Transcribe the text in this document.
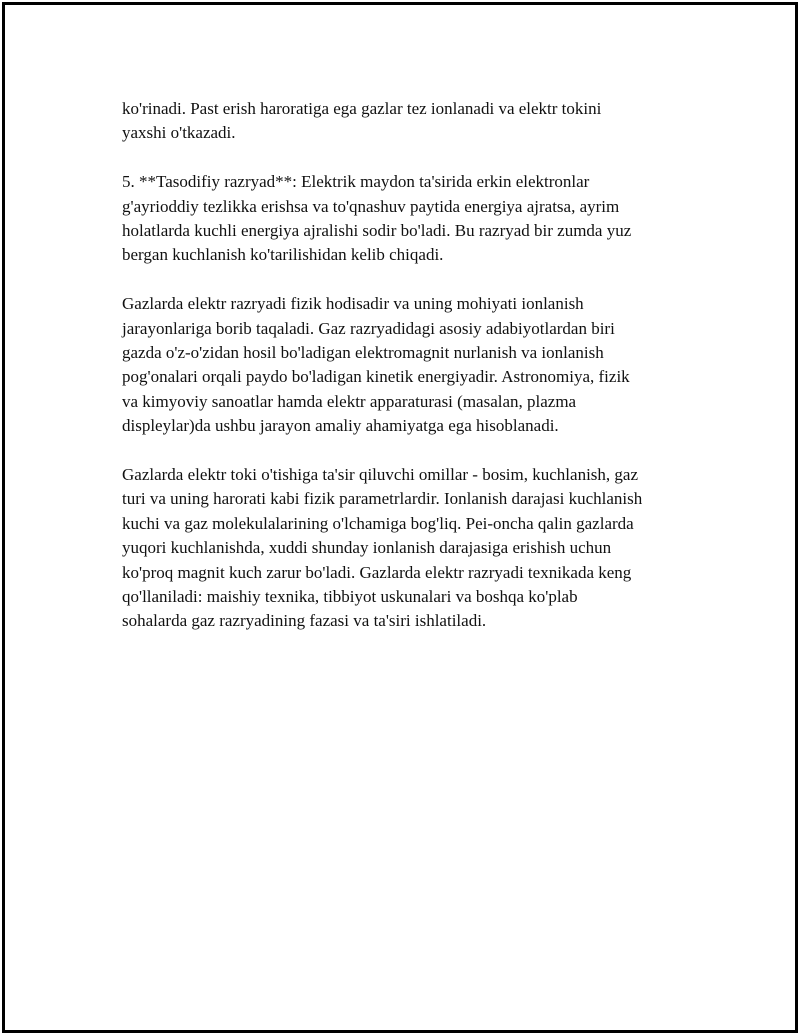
ko'rinadi. Past erish haroratiga ega gazlar tez ionlanadi va elektr tokini
yaxshi o'tkazadi.

5. **Tasodifiy razryad**: Elektrik maydon ta'sirida erkin elektronlar
g'ayrioddiy tezlikka erishsa va to'qnashuv paytida energiya ajratsa, ayrim
holatlarda kuchli energiya ajralishi sodir bo'ladi. Bu razryad bir zumda yuz
bergan kuchlanish ko'tarilishidan kelib chiqadi.

Gazlarda elektr razryadi fizik hodisadir va uning mohiyati ionlanish
jarayonlariga borib taqaladi. Gaz razryadidagi asosiy adabiyotlardan biri
gazda o'z-o'zidan hosil bo'ladigan elektromagnit nurlanish va ionlanish
pog'onalari orqali paydo bo'ladigan kinetik energiyadir. Astronomiya, fizik
va kimyoviy sanoatlar hamda elektr apparaturasi (masalan, plazma
displeylar)da ushbu jarayon amaliy ahamiyatga ega hisoblanadi.

Gazlarda elektr toki o'tishiga ta'sir qiluvchi omillar - bosim, kuchlanish, gaz
turi va uning harorati kabi fizik parametrlardir. Ionlanish darajasi kuchlanish
kuchi va gaz molekulalarining o'lchamiga bog'liq. Pei-oncha qalin gazlarda
yuqori kuchlanishda, xuddi shunday ionlanish darajasiga erishish uchun
ko'proq magnit kuch zarur bo'ladi. Gazlarda elektr razryadi texnikada keng
qo'llaniladi: maishiy texnika, tibbiyot uskunalari va boshqa ko'plab
sohalarda gaz razryadining fazasi va ta'siri ishlatiladi.
